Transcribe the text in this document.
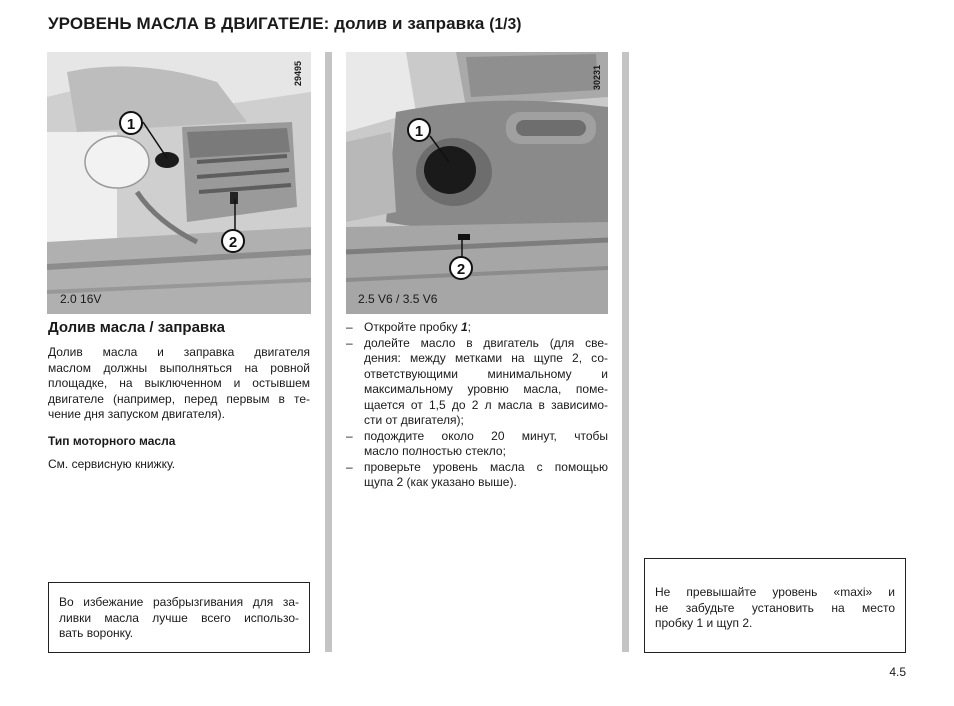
УРОВЕНЬ МАСЛА В ДВИГАТЕЛЕ: долив и заправка (1/3)
29495
1
2
2.0 16V
30231
1
2
2.5 V6 / 3.5 V6
Долив масла / заправка
Долив масла и заправка двигателя
маслом должны выполняться на ровной
площадке, на выключенном и остывшем
двигателе (например, перед первым в те-
чение дня запуском двигателя).
Тип моторного масла
См. сервисную книжку.
Во избежание разбрызгивания для за-
ливки масла лучше всего использо-
вать воронку.
– Откройте пробку 1;
– долейте масло в двигатель (для све-
дения: между метками на щупе 2, со-
ответствующими минимальному и
максимальному уровню масла, поме-
щается от 1,5 до 2 л масла в зависимо-
сти от двигателя);
– подождите около 20 минут, чтобы
масло полностью стекло;
– проверьте уровень масла с помощью
щупа 2 (как указано выше).
Не превышайте уровень «maxi» и
не забудьте установить на место
пробку 1 и щуп 2.
4.5
